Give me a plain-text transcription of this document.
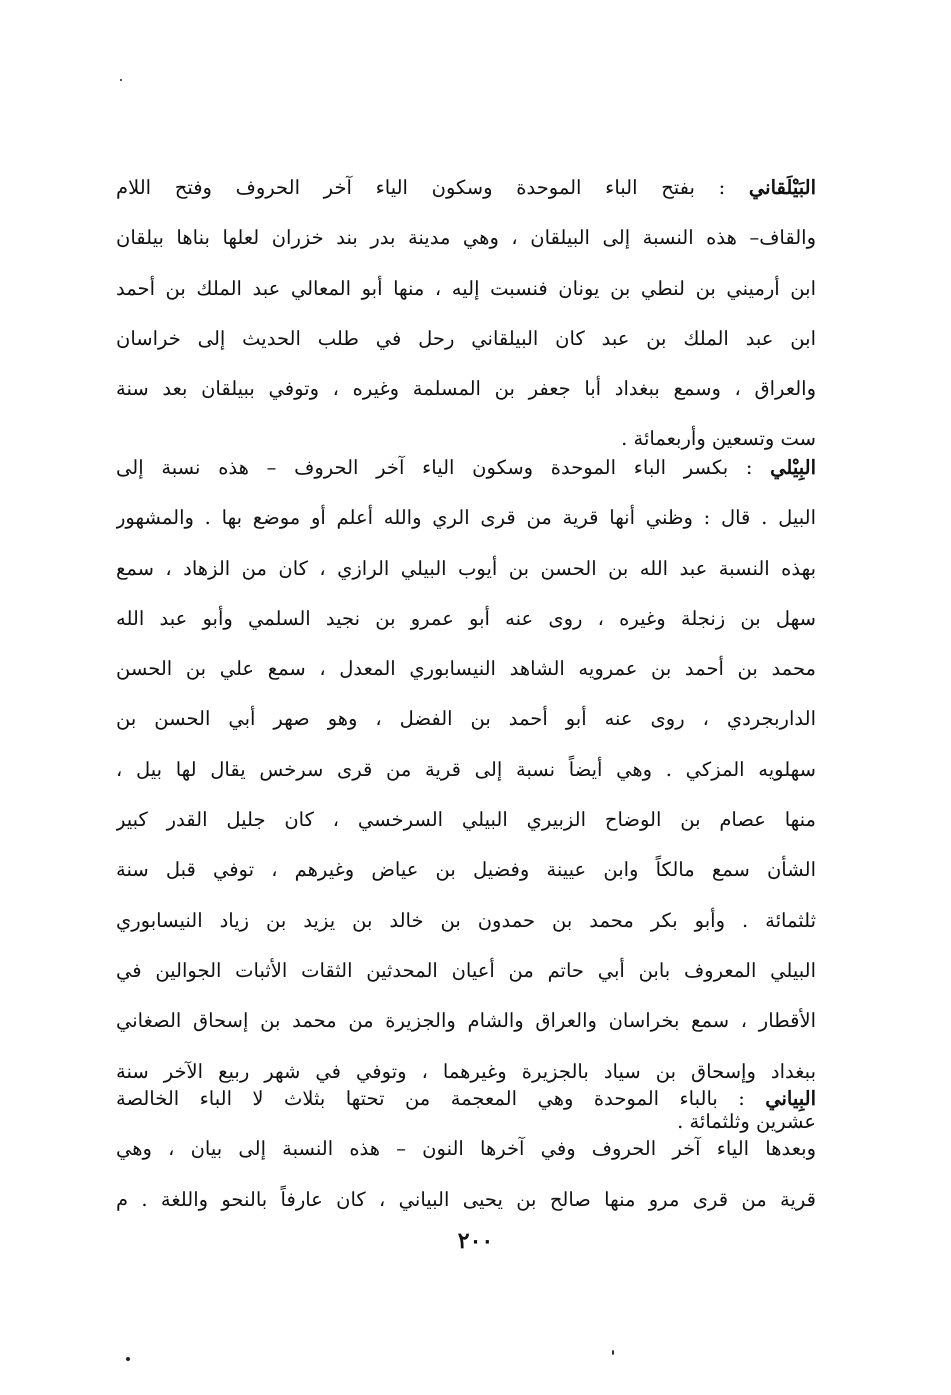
البَيْلَقاني : بفتح الباء الموحدة وسكون الياء آخر الحروف وفتح اللام
والقاف– هذه النسبة إلى البيلقان ، وهي مدينة بدر بند خزران لعلها بناها بيلقان
ابن أرميني بن لنطي بن يونان فنسبت إليه ، منها أبو المعالي عبد الملك بن أحمد
ابن عبد الملك بن عبد كان البيلقاني رحل في طلب الحديث إلى خراسان
والعراق ، وسمع ببغداد أبا جعفر بن المسلمة وغيره ، وتوفي ببيلقان بعد سنة
ست وتسعين وأربعمائة .
البِيْلي : بكسر الباء الموحدة وسكون الياء آخر الحروف – هذه نسبة إلى
البيل . قال : وظني أنها قرية من قرى الري والله أعلم أو موضع بها . والمشهور
بهذه النسبة عبد الله بن الحسن بن أيوب البيلي الرازي ، كان من الزهاد ، سمع
سهل بن زنجلة وغيره ، روى عنه أبو عمرو بن نجيد السلمي وأبو عبد الله
محمد بن أحمد بن عمرويه الشاهد النيسابوري المعدل ، سمع علي بن الحسن
الداربجردي ، روى عنه أبو أحمد بن الفضل ، وهو صهر أبي الحسن بن
سهلويه المزكي . وهي أيضاً نسبة إلى قرية من قرى سرخس يقال لها بيل ،
منها عصام بن الوضاح الزبيري البيلي السرخسي ، كان جليل القدر كبير
الشأن سمع مالكاً وابن عيينة وفضيل بن عياض وغيرهم ، توفي قبل سنة
ثلثمائة . وأبو بكر محمد بن حمدون بن خالد بن يزيد بن زياد النيسابوري
البيلي المعروف بابن أبي حاتم من أعيان المحدثين الثقات الأثبات الجوالين في
الأقطار ، سمع بخراسان والعراق والشام والجزيرة من محمد بن إسحاق الصغاني
ببغداد وإسحاق بن سياد بالجزيرة وغيرهما ، وتوفي في شهر ربيع الآخر سنة
عشرين وثلثمائة .
البِياني : بالباء الموحدة وهي المعجمة من تحتها بثلاث لا الباء الخالصة
وبعدها الياء آخر الحروف وفي آخرها النون – هذه النسبة إلى بيان ، وهي
قرية من قرى مرو منها صالح بن يحيى البياني ، كان عارفاً بالنحو واللغة . م
٢٠٠
